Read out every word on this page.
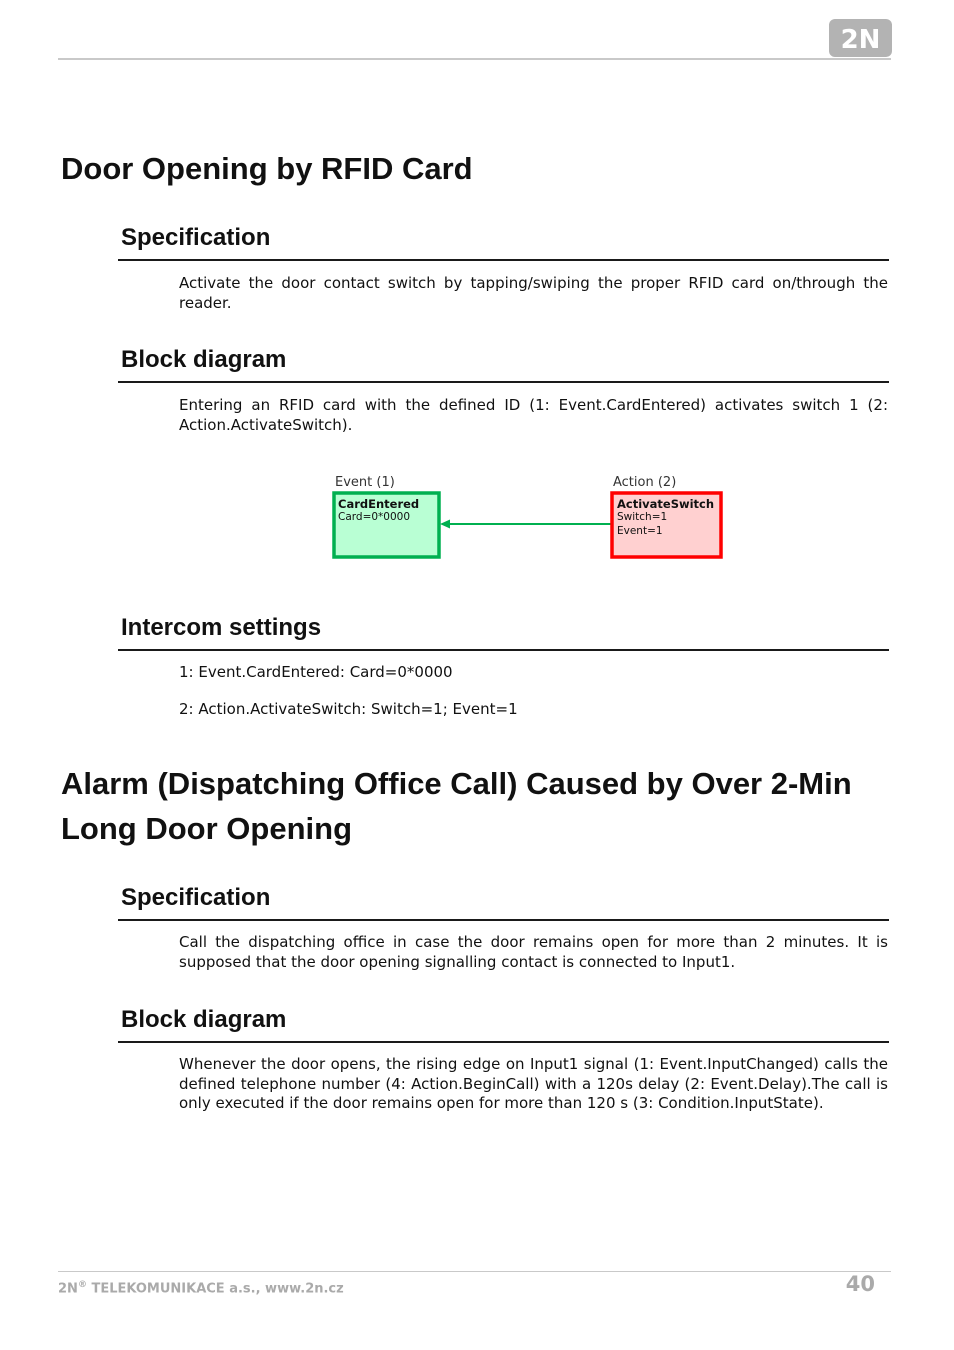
2N
Door Opening by RFID Card
Specification

Activate the door contact switch by tapping/swiping the proper RFID card on/through the reader.

Block diagram

Entering an RFID card with the defined ID (1: Event.CardEntered) activates switch 1 (2: Action.ActivateSwitch).

Event (1)
CardEntered
Card=0*0000
Action (2)
ActivateSwitch
Switch=1
Event=1
Intercom settings

1: Event.CardEntered: Card=0*0000

2: Action.ActivateSwitch: Switch=1; Event=1

Alarm (Dispatching Office Call) Caused by Over 2-Min
Long Door Opening
Specification

Call the dispatching office in case the door remains open for more than 2 minutes. It is supposed that the door opening signalling contact is connected to Input1.

Block diagram

Whenever the door opens, the rising edge on Input1 signal (1: Event.InputChanged) calls the defined telephone number (4: Action.BeginCall) with a 120s delay (2: Event.Delay).The call is only executed if the door remains open for more than 120 s (3: Condition.InputState).

2N® TELEKOMUNIKACE a.s., www.2n.cz	40
